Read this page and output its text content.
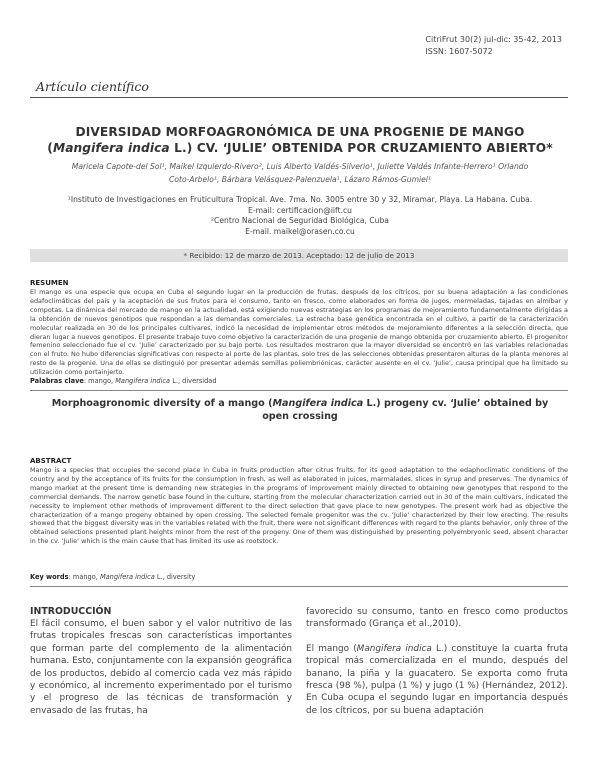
CitriFrut 30(2) jul-dic: 35-42, 2013
ISSN: 1607-5072
Artículo científico
DIVERSIDAD MORFOAGRONÓMICA DE UNA PROGENIE DE MANGO
(Mangifera indica L.) CV. ‘JULIE’ OBTENIDA POR CRUZAMIENTO ABIERTO*
Maricela Capote-del Sol¹, Maikel Izquierdo-Rivero², Luis Alberto Valdés-Silverio¹, Juliette Valdés Infante-Herrero¹ Orlando
Coto-Arbelo¹, Bárbara Velásquez-Palenzuela¹, Lázaro Rámos-Gumiel¹
¹Instituto de Investigaciones en Fruticultura Tropical. Ave. 7ma. No. 3005 entre 30 y 32, Miramar, Playa. La Habana. Cuba.
E-mail: certificacion@iift.cu
²Centro Nacional de Seguridad Biológica, Cuba
E-mail. maikel@orasen.co.cu
* Recibido: 12 de marzo de 2013. Aceptado: 12 de julio de 2013
RESUMEN
El mango es una especie que ocupa en Cuba el segundo lugar en la producción de frutas, después de los cítricos, por su buena adaptación a las condiciones edafoclimáticas del país y la aceptación de sus frutos para el consumo, tanto en fresco, como elaborados en forma de jugos, mermeladas, tajadas en almíbar y compotas. La dinámica del mercado de mango en la actualidad, está exigiendo nuevas estrategias en los programas de mejoramiento fundamentalmente dirigidas a la obtención de nuevos genotipos que respondan a las demandas comerciales. La estrecha base genética encontrada en el cultivo, a partir de la caracterización molecular realizada en 30 de los principales cultivares, indicó la necesidad de implementar otros métodos de mejoramiento diferentes a la selección directa, que dieran lugar a nuevos genotipos. El presente trabajo tuvo como objetivo la caracterización de una progenie de mango obtenida por cruzamiento abierto. El progenitor femenino seleccionado fue el cv. ‘Julie’ caracterizado por su bajo porte. Los resultados mostraron que la mayor diversidad se encontró en las variables relacionadas con el fruto. No hubo diferencias significativas con respecto al porte de las plantas, solo tres de las selecciones obtenidas presentaron alturas de la planta menores al resto de la progenie. Una de ellas se distinguió por presentar además semillas poliembriónicas, carácter ausente en el cv. ‘Julie’, causa principal que ha limitado su utilización como portainjerto.
Palabras clave: mango, Mangifera indica L., diversidad
Morphoagronomic diversity of a mango (Mangifera indica L.) progeny cv. ‘Julie’ obtained by
open crossing
ABSTRACT
Mango is a species that occupies the second place in Cuba in fruits production after citrus fruits, for its good adaptation to the edaphoclimatic conditions of the country and by the acceptance of its fruits for the consumption in fresh, as well as elaborated in juices, marmalades, slices in syrup and preserves. The dynamics of mango market at the present time is demanding new strategies in the programs of improvement mainly directed to obtaining new genotypes that respond to the commercial demands. The narrow genetic base found in the culture, starting from the molecular characterization carried out in 30 of the main cultivars, indicated the necessity to implement other methods of improvement different to the direct selection that gave place to new genotypes. The present work had as objective the characterization of a mango progeny obtained by open crossing. The selected female progenitor was the cv. ‘Julie’ characterized by their low erecting. The results showed that the biggest diversity was in the variables related with the fruit, there were not significant differences with regard to the plants behavior, only three of the obtained selections presented plant heights minor from the rest of the progeny. One of them was distinguished by presenting polyembryonic seed, absent character in the cv. ‘Julie’ which is the main cause that has limited its use as rootstock.
Key words: mango, Mangifera indica L., diversity
INTRODUCCIÓN
El fácil consumo, el buen sabor y el valor nutritivo de las frutas tropicales frescas son características importantes que forman parte del complemento de la alimentación humana. Esto, conjuntamente con la expansión geográfica de los productos, debido al comercio cada vez más rápido y económico, al incremento experimentado por el turismo y el progreso de las técnicas de transformación y envasado de las frutas, ha
favorecido su consumo, tanto en fresco como productos transformado (Grança et al.,2010).
El mango (Mangifera indica L.) constituye la cuarta fruta tropical más comercializada en el mundo, después del banano, la piña y la guacatero. Se exporta como fruta fresca (98 %), pulpa (1 %) y jugo (1 %) (Hernández, 2012). En Cuba ocupa el segundo lugar en importancia después de los cítricos, por su buena adaptación
